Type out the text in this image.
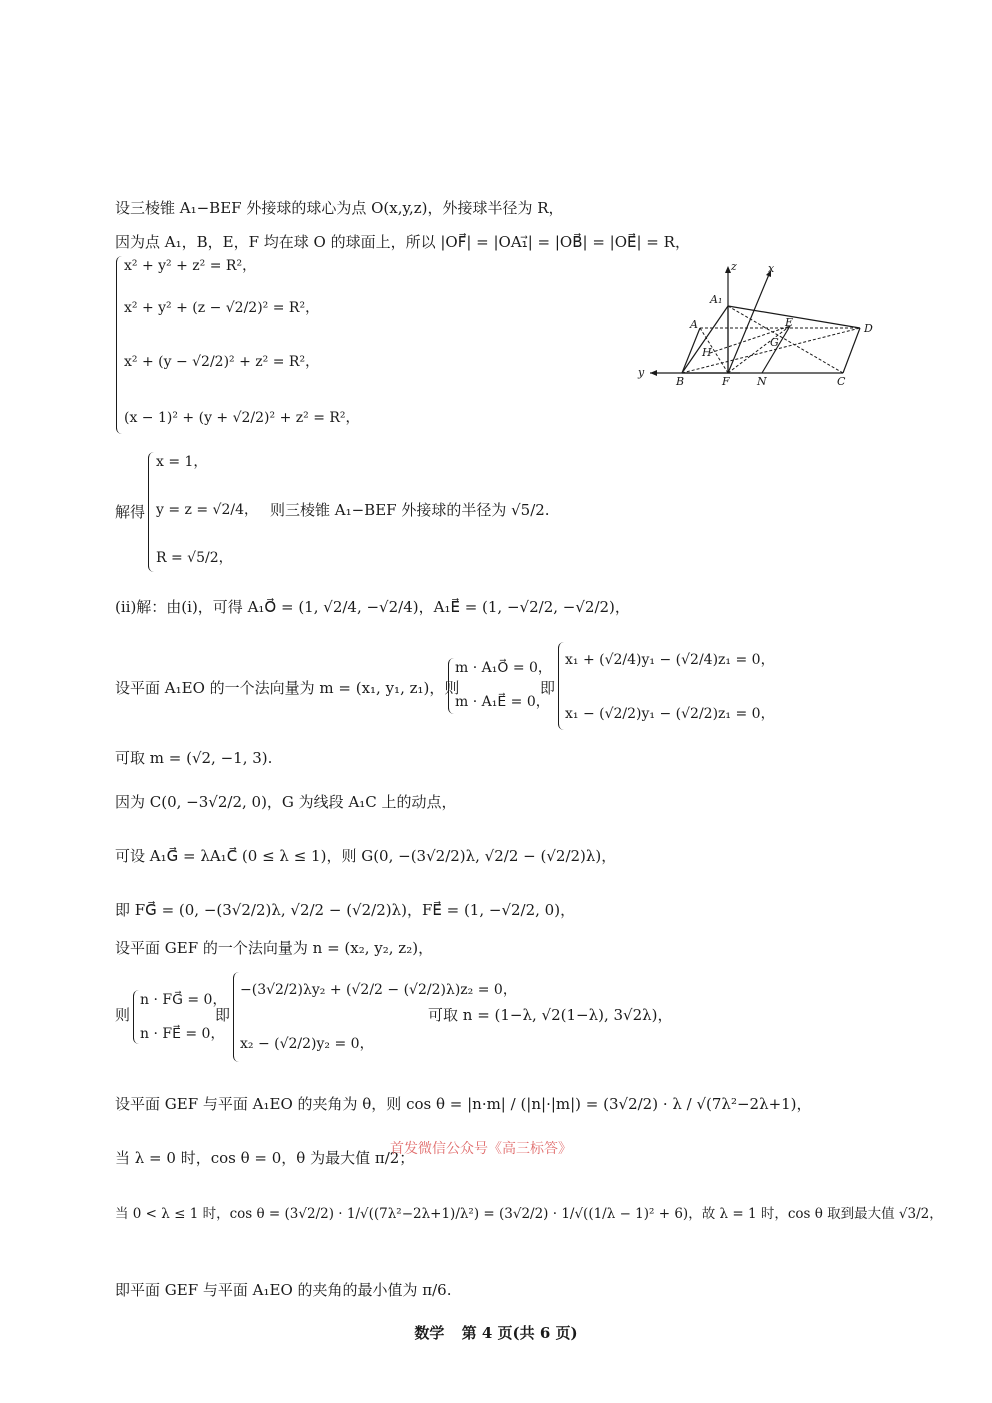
设三棱锥 A₁−BEF 外接球的球心为点 O(x,y,z)，外接球半径为 R，
因为点 A₁，B，E，F 均在球 O 的球面上，所以 |OF⃗| = |OA₁⃗| = |OB⃗| = |OE⃗| = R，
x² + y² + z² = R²，
x² + y² + (z − √2/2)² = R²，
x² + (y − √2/2)² + z² = R²，
(x − 1)² + (y + √2/2)² + z² = R²，
z	x
A₁
A	E	D
G
H
y
B	F N	C
解得
x = 1，
y = z = √2/4，
R = √5/2，
则三棱锥 A₁−BEF 外接球的半径为 √5/2.
(ⅱ)解：由(ⅰ)，可得 A₁O⃗ = (1, √2/4, −√2/4)，A₁E⃗ = (1, −√2/2, −√2/2)，
设平面 A₁EO 的一个法向量为 m = (x₁, y₁, z₁)，则
m · A₁O⃗ = 0，
m · A₁E⃗ = 0，
即
x₁ + (√2/4)y₁ − (√2/4)z₁ = 0，
x₁ − (√2/2)y₁ − (√2/2)z₁ = 0，
可取 m = (√2, −1, 3).
因为 C(0, −3√2/2, 0)，G 为线段 A₁C 上的动点，
可设 A₁G⃗ = λA₁C⃗ (0 ≤ λ ≤ 1)，则 G(0, −(3√2/2)λ, √2/2 − (√2/2)λ)，
即 FG⃗ = (0, −(3√2/2)λ, √2/2 − (√2/2)λ)，FE⃗ = (1, −√2/2, 0)，
设平面 GEF 的一个法向量为 n = (x₂, y₂, z₂)，
则
n · FG⃗ = 0，
n · FE⃗ = 0，
即
−(3√2/2)λy₂ + (√2/2 − (√2/2)λ)z₂ = 0，
x₂ − (√2/2)y₂ = 0，
可取 n = (1−λ, √2(1−λ), 3√2λ)，
设平面 GEF 与平面 A₁EO 的夹角为 θ，则 cos θ = |n·m| / (|n|·|m|) = (3√2/2) · λ / √(7λ²−2λ+1)，
当 λ = 0 时，cos θ = 0，θ 为最大值 π/2；
首发微信公众号《高三标答》
当 0 < λ ≤ 1 时，cos θ = (3√2/2) · 1/√((7λ²−2λ+1)/λ²) = (3√2/2) · 1/√((1/λ − 1)² + 6)，故 λ = 1 时，cos θ 取到最大值 √3/2，
即平面 GEF 与平面 A₁EO 的夹角的最小值为 π/6.
数学 第 4 页(共 6 页)
